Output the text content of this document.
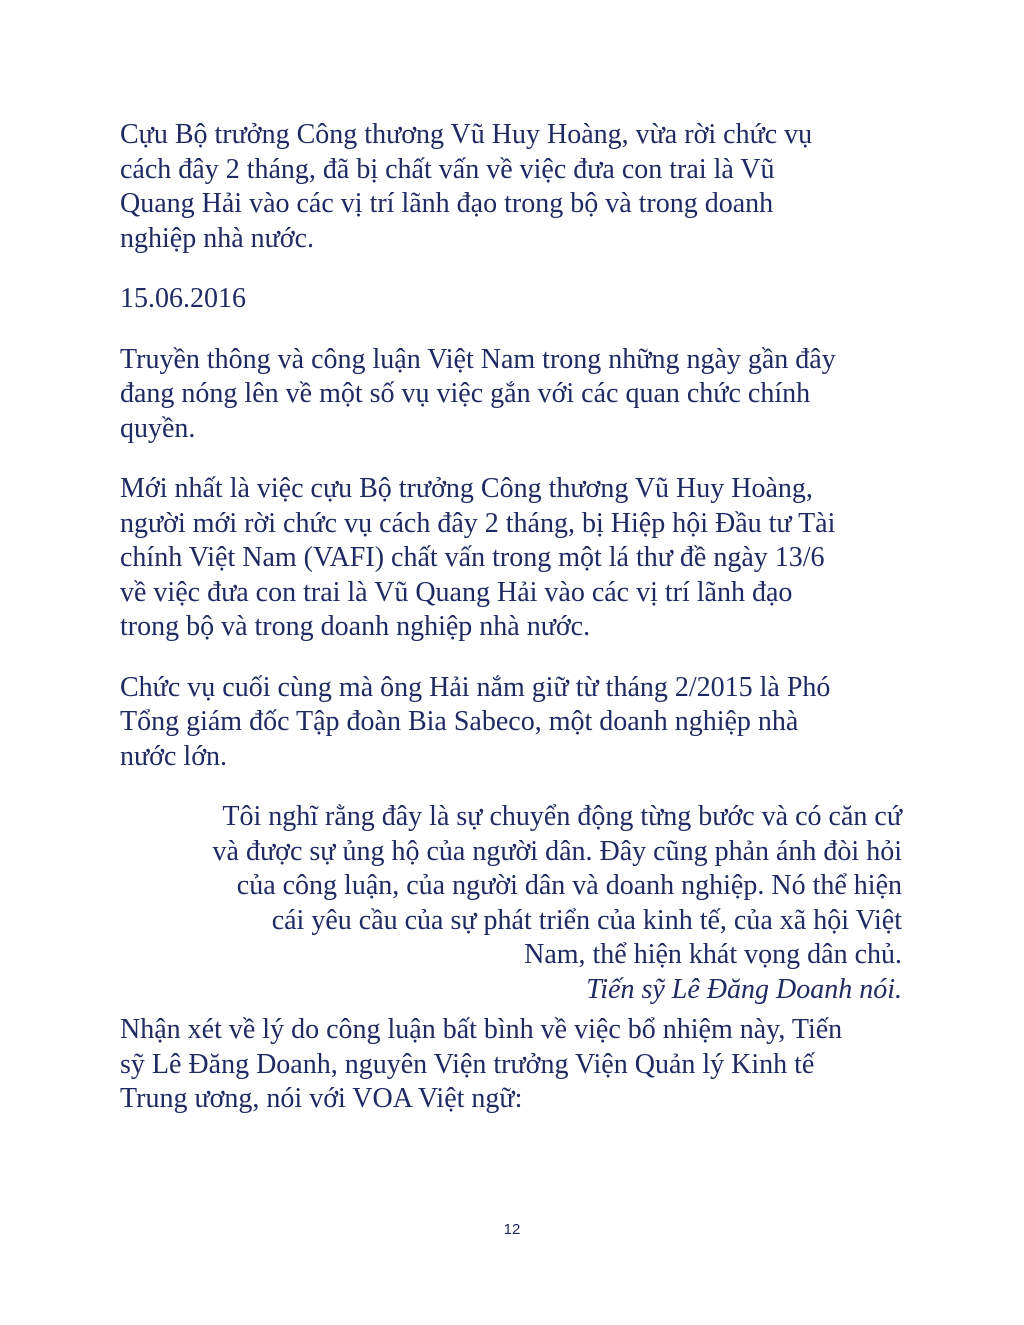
Cựu Bộ trưởng Công thương Vũ Huy Hoàng, vừa rời chức vụ
cách đây 2 tháng, đã bị chất vấn về việc đưa con trai là Vũ
Quang Hải vào các vị trí lãnh đạo trong bộ và trong doanh
nghiệp nhà nước.

15.06.2016

Truyền thông và công luận Việt Nam trong những ngày gần đây
đang nóng lên về một số vụ việc gắn với các quan chức chính
quyền.

Mới nhất là việc cựu Bộ trưởng Công thương Vũ Huy Hoàng,
người mới rời chức vụ cách đây 2 tháng, bị Hiệp hội Đầu tư Tài
chính Việt Nam (VAFI) chất vấn trong một lá thư đề ngày 13/6
về việc đưa con trai là Vũ Quang Hải vào các vị trí lãnh đạo
trong bộ và trong doanh nghiệp nhà nước.

Chức vụ cuối cùng mà ông Hải nắm giữ từ tháng 2/2015 là Phó
Tổng giám đốc Tập đoàn Bia Sabeco, một doanh nghiệp nhà
nước lớn.

Tôi nghĩ rằng đây là sự chuyển động từng bước và có căn cứ
và được sự ủng hộ của người dân. Đây cũng phản ánh đòi hỏi
của công luận, của người dân và doanh nghiệp. Nó thể hiện
cái yêu cầu của sự phát triển của kinh tế, của xã hội Việt
Nam, thể hiện khát vọng dân chủ.
Tiến sỹ Lê Đăng Doanh nói.

Nhận xét về lý do công luận bất bình về việc bổ nhiệm này, Tiến
sỹ Lê Đăng Doanh, nguyên Viện trưởng Viện Quản lý Kinh tế
Trung ương, nói với VOA Việt ngữ:

12
